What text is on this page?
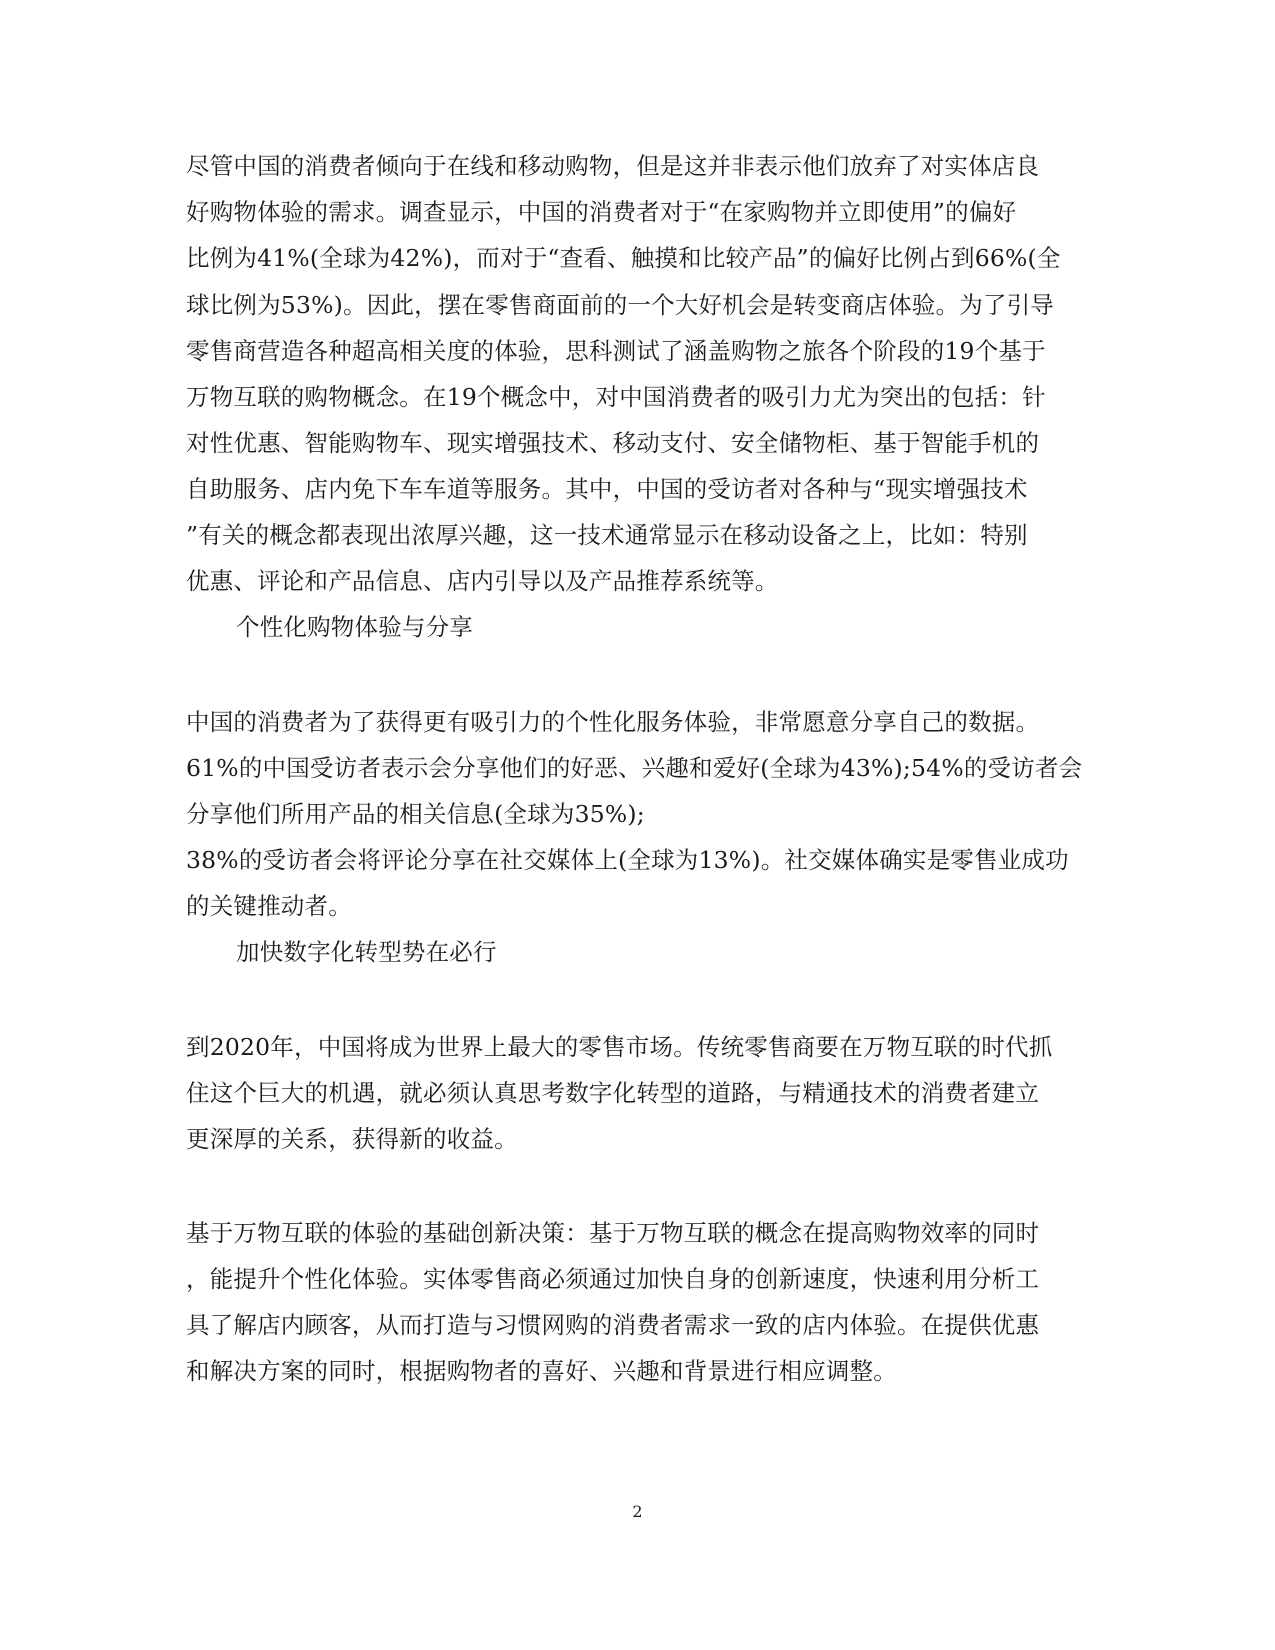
尽管中国的消费者倾向于在线和移动购物，但是这并非表示他们放弃了对实体店良
好购物体验的需求。调查显示，中国的消费者对于“在家购物并立即使用”的偏好
比例为41%(全球为42%)，而对于“查看、触摸和比较产品”的偏好比例占到66%(全
球比例为53%)。因此，摆在零售商面前的一个大好机会是转变商店体验。为了引导
零售商营造各种超高相关度的体验，思科测试了涵盖购物之旅各个阶段的19个基于
万物互联的购物概念。在19个概念中，对中国消费者的吸引力尤为突出的包括：针
对性优惠、智能购物车、现实增强技术、移动支付、安全储物柜、基于智能手机的
自助服务、店内免下车车道等服务。其中，中国的受访者对各种与“现实增强技术
”有关的概念都表现出浓厚兴趣，这一技术通常显示在移动设备之上，比如：特别
优惠、评论和产品信息、店内引导以及产品推荐系统等。
个性化购物体验与分享
中国的消费者为了获得更有吸引力的个性化服务体验，非常愿意分享自己的数据。
61%的中国受访者表示会分享他们的好恶、兴趣和爱好(全球为43%);54%的受访者会
分享他们所用产品的相关信息(全球为35%);
38%的受访者会将评论分享在社交媒体上(全球为13%)。社交媒体确实是零售业成功
的关键推动者。
加快数字化转型势在必行
到2020年，中国将成为世界上最大的零售市场。传统零售商要在万物互联的时代抓
住这个巨大的机遇，就必须认真思考数字化转型的道路，与精通技术的消费者建立
更深厚的关系，获得新的收益。
基于万物互联的体验的基础创新决策：基于万物互联的概念在提高购物效率的同时
，能提升个性化体验。实体零售商必须通过加快自身的创新速度，快速利用分析工
具了解店内顾客，从而打造与习惯网购的消费者需求一致的店内体验。在提供优惠
和解决方案的同时，根据购物者的喜好、兴趣和背景进行相应调整。
2
